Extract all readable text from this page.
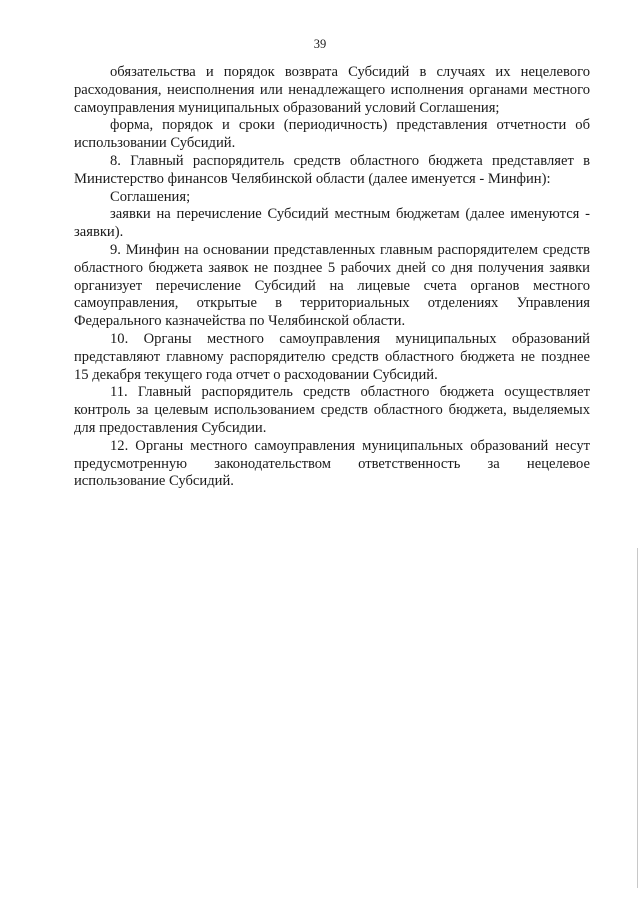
39

обязательства и порядок возврата Субсидий в случаях их нецелевого расходования, неисполнения или ненадлежащего исполнения органами местного самоуправления муниципальных образований условий Соглашения;

форма, порядок и сроки (периодичность) представления отчетности об использовании Субсидий.

8. Главный распорядитель средств областного бюджета представляет в Министерство финансов Челябинской области (далее именуется - Минфин):

Соглашения;

заявки на перечисление Субсидий местным бюджетам (далее именуются - заявки).

9. Минфин на основании представленных главным распорядителем средств областного бюджета заявок не позднее 5 рабочих дней со дня получения заявки организует перечисление Субсидий на лицевые счета органов местного самоуправления, открытые в территориальных отделениях Управления Федерального казначейства по Челябинской области.

10. Органы местного самоуправления муниципальных образований представляют главному распорядителю средств областного бюджета не позднее 15 декабря текущего года отчет о расходовании Субсидий.

11. Главный распорядитель средств областного бюджета осуществляет контроль за целевым использованием средств областного бюджета, выделяемых для предоставления Субсидии.

12. Органы местного самоуправления муниципальных образований несут предусмотренную законодательством ответственность за нецелевое использование Субсидий.
